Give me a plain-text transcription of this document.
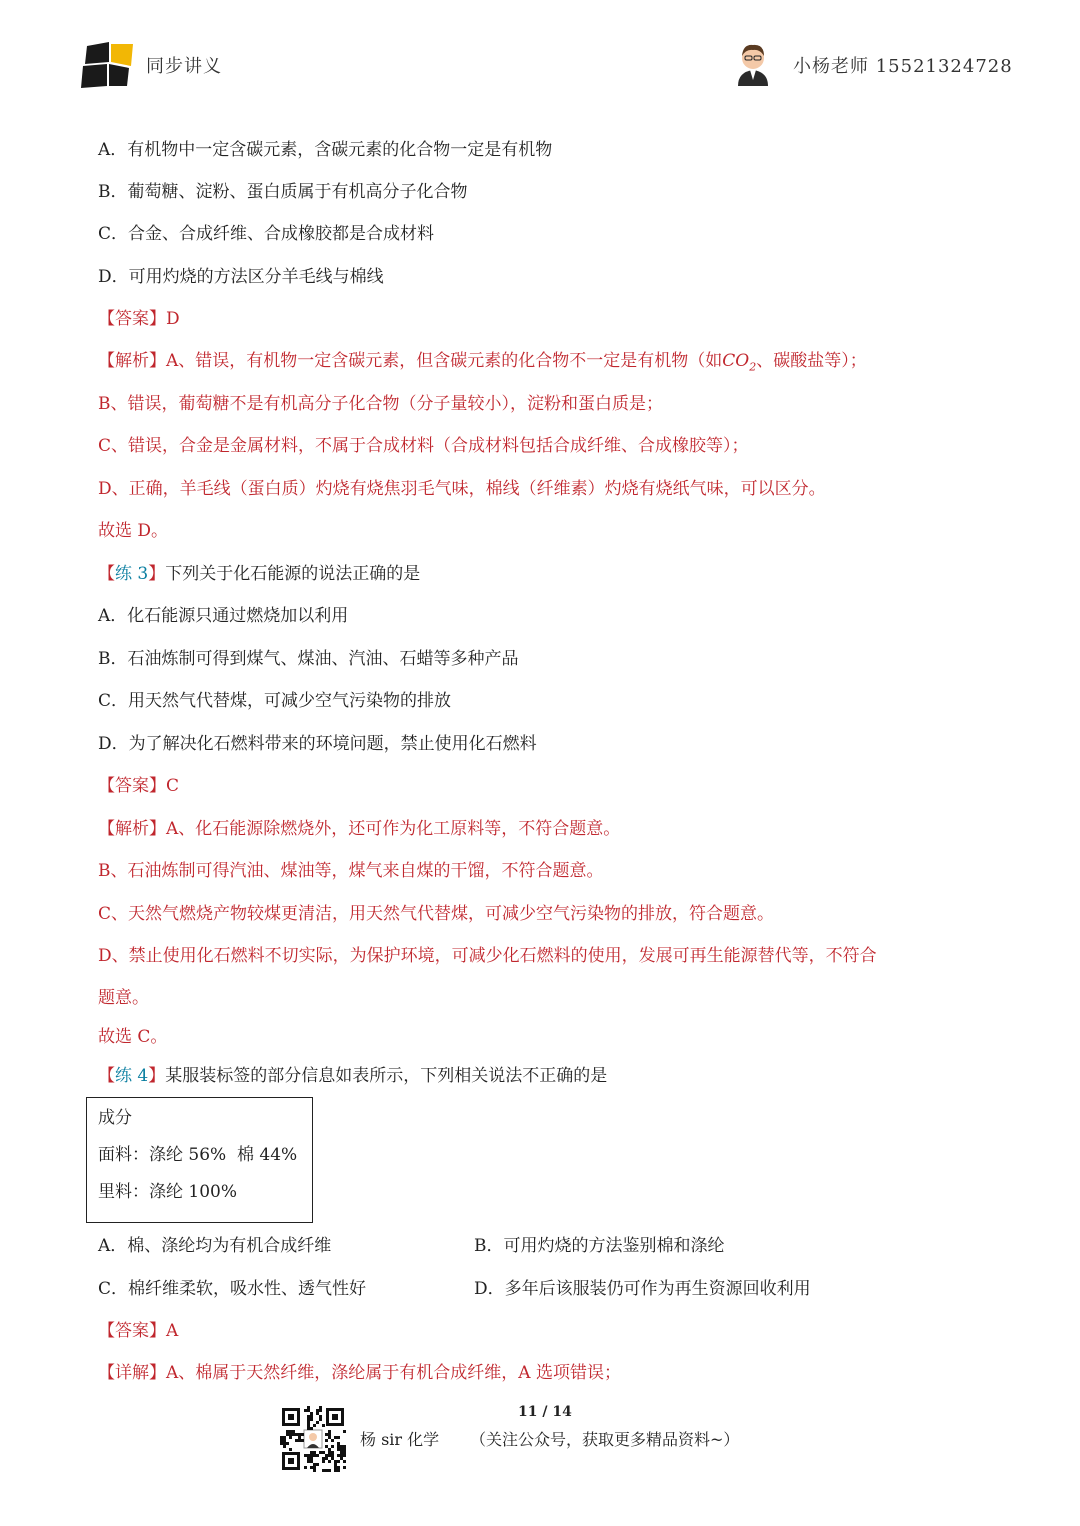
同步讲义	小杨老师 15521324728
A．有机物中一定含碳元素，含碳元素的化合物一定是有机物
B．葡萄糖、淀粉、蛋白质属于有机高分子化合物
C．合金、合成纤维、合成橡胶都是合成材料
D．可用灼烧的方法区分羊毛线与棉线
【答案】D
【解析】A、错误，有机物一定含碳元素，但含碳元素的化合物不一定是有机物（如$CO_2$、碳酸盐等）；
B、错误，葡萄糖不是有机高分子化合物（分子量较小），淀粉和蛋白质是；
C、错误，合金是金属材料，不属于合成材料（合成材料包括合成纤维、合成橡胶等）；
D、正确，羊毛线（蛋白质）灼烧有烧焦羽毛气味，棉线（纤维素）灼烧有烧纸气味，可以区分。
故选 D。
【练 3】下列关于化石能源的说法正确的是
A．化石能源只通过燃烧加以利用
B．石油炼制可得到煤气、煤油、汽油、石蜡等多种产品
C．用天然气代替煤，可减少空气污染物的排放
D．为了解决化石燃料带来的环境问题，禁止使用化石燃料
【答案】C
【解析】A、化石能源除燃烧外，还可作为化工原料等，不符合题意。
B、石油炼制可得汽油、煤油等，煤气来自煤的干馏，不符合题意。
C、天然气燃烧产物较煤更清洁，用天然气代替煤，可减少空气污染物的排放，符合题意。
D、禁止使用化石燃料不切实际，为保护环境，可减少化石燃料的使用，发展可再生能源替代等，不符合
题意。
故选 C。
【练 4】某服装标签的部分信息如表所示，下列相关说法不正确的是
成分
面料：涤纶 56%  棉 44%
里料：涤纶 100%
A．棉、涤纶均为有机合成纤维	B．可用灼烧的方法鉴别棉和涤纶
C．棉纤维柔软，吸水性、透气性好	D．多年后该服装仍可作为再生资源回收利用
【答案】A
【详解】A、棉属于天然纤维，涤纶属于有机合成纤维，A 选项错误；
11 / 14
杨 sir 化学 （关注公众号，获取更多精品资料~）
